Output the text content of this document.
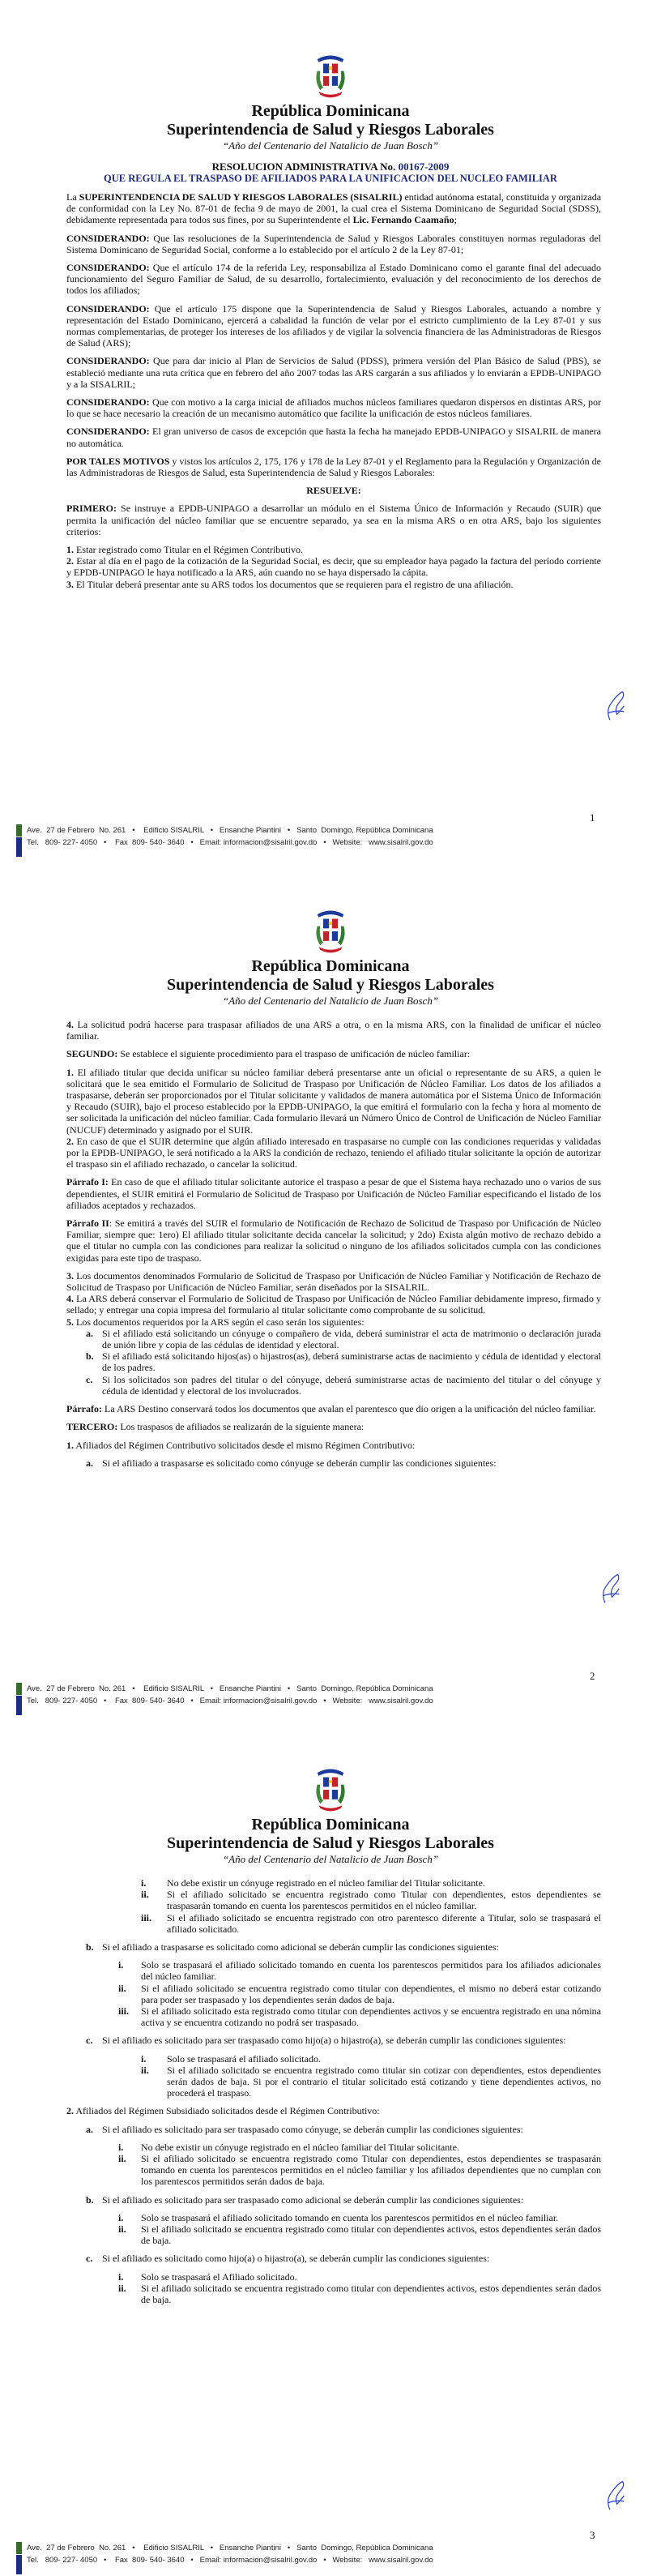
República Dominicana
Superintendencia de Salud y Riesgos Laborales
“Año del Centenario del Natalicio de Juan Bosch”
RESOLUCION ADMINISTRATIVA No. 00167-2009
QUE REGULA EL TRASPASO DE AFILIADOS PARA LA UNIFICACION DEL NUCLEO FAMILIAR

La SUPERINTENDENCIA DE SALUD Y RIESGOS LABORALES (SISALRIL) entidad autónoma estatal, constituida y organizada de conformidad con la Ley No. 87-01 de fecha 9 de mayo de 2001, la cual crea el Sistema Dominicano de Seguridad Social (SDSS), debidamente representada para todos sus fines, por su Superintendente el Lic. Fernando Caamaño;

CONSIDERANDO: Que las resoluciones de la Superintendencia de Salud y Riesgos Laborales constituyen normas reguladoras del Sistema Dominicano de Seguridad Social, conforme a lo establecido por el artículo 2 de la Ley 87-01;

CONSIDERANDO: Que el artículo 174 de la referida Ley, responsabiliza al Estado Dominicano como el garante final del adecuado funcionamiento del Seguro Familiar de Salud, de su desarrollo, fortalecimiento, evaluación y del reconocimiento de los derechos de todos los afiliados;

CONSIDERANDO: Que el artículo 175 dispone que la Superintendencia de Salud y Riesgos Laborales, actuando a nombre y representación del Estado Dominicano, ejercerá a cabalidad la función de velar por el estricto cumplimiento de la Ley 87-01 y sus normas complementarias, de proteger los intereses de los afiliados y de vigilar la solvencia financiera de las Administradoras de Riesgos de Salud (ARS);

CONSIDERANDO: Que para dar inicio al Plan de Servicios de Salud (PDSS), primera versión del Plan Básico de Salud (PBS), se estableció mediante una ruta crítica que en febrero del año 2007 todas las ARS cargarán a sus afiliados y lo enviarán a EPDB-UNIPAGO y a la SISALRIL;

CONSIDERANDO: Que con motivo a la carga inicial de afiliados muchos núcleos familiares quedaron dispersos en distintas ARS, por lo que se hace necesario la creación de un mecanismo automático que facilite la unificación de estos núcleos familiares.

CONSIDERANDO: El gran universo de casos de excepción que hasta la fecha ha manejado EPDB-UNIPAGO y SISALRIL de manera no automática.

POR TALES MOTIVOS y vistos los artículos 2, 175, 176 y 178 de la Ley 87-01 y el Reglamento para la Regulación y Organización de las Administradoras de Riesgos de Salud, esta Superintendencia de Salud y Riesgos Laborales:

RESUELVE:

PRIMERO: Se instruye a EPDB-UNIPAGO a desarrollar un módulo en el Sistema Único de Información y Recaudo (SUIR) que permita la unificación del núcleo familiar que se encuentre separado, ya sea en la misma ARS o en otra ARS, bajo los siguientes criterios:

1. Estar registrado como Titular en el Régimen Contributivo.

2. Estar al día en el pago de la cotización de la Seguridad Social, es decir, que su empleador haya pagado la factura del período corriente y EPDB-UNIPAGO le haya notificado a la ARS, aún cuando no se haya dispersado la cápita.

3. El Titular deberá presentar ante su ARS todos los documentos que se requieren para el registro de una afiliación.

1
Ave.  27 de Febrero  No. 261   •    Edificio SISALRIL   •   Ensanche Piantini   •   Santo  Domingo, República Dominicana
Tel.   809- 227- 4050   •    Fax  809- 540- 3640   •   Email: informacion@sisalril.gov.do   •   Website:   www.sisalril.gov.do
República Dominicana
Superintendencia de Salud y Riesgos Laborales
“Año del Centenario del Natalicio de Juan Bosch”

4. La solicitud podrá hacerse para traspasar afiliados de una ARS a otra, o en la misma ARS, con la finalidad de unificar el núcleo familiar.

SEGUNDO: Se establece el siguiente procedimiento para el traspaso de unificación de núcleo familiar:

1. El afiliado titular que decida unificar su núcleo familiar deberá presentarse ante un oficial o representante de su ARS, a quien le solicitará que le sea emitido el Formulario de Solicitud de Traspaso por Unificación de Núcleo Familiar. Los datos de los afiliados a traspasarse, deberán ser proporcionados por el Titular solicitante y validados de manera automática por el Sistema Único de Información y Recaudo (SUIR), bajo el proceso establecido por la EPDB-UNIPAGO, la que emitirá el formulario con la fecha y hora al momento de ser solicitada la unificación del núcleo familiar. Cada formulario llevará un Número Único de Control de Unificación de Núcleo Familiar (NUCUF) determinado y asignado por el SUIR.

2. En caso de que el SUIR determine que algún afiliado interesado en traspasarse no cumple con las condiciones requeridas y validadas por la EPDB-UNIPAGO, le será notificado a la ARS la condición de rechazo, teniendo el afiliado titular solicitante la opción de autorizar el traspaso sin el afiliado rechazado, o cancelar la solicitud.

Párrafo I: En caso de que el afiliado titular solicitante autorice el traspaso a pesar de que el Sistema haya rechazado uno o varios de sus dependientes, el SUIR emitirá el Formulario de Solicitud de Traspaso por Unificación de Núcleo Familiar especificando el listado de los afiliados aceptados y rechazados.

Párrafo II: Se emitirá a través del SUIR el formulario de Notificación de Rechazo de Solicitud de Traspaso por Unificación de Núcleo Familiar, siempre que: 1ero) El afiliado titular solicitante decida cancelar la solicitud; y 2do) Exista algún motivo de rechazo debido a que el titular no cumpla con las condiciones para realizar la solicitud o ninguno de los afiliados solicitados cumpla con las condiciones exigidas para este tipo de traspaso.

3. Los documentos denominados Formulario de Solicitud de Traspaso por Unificación de Núcleo Familiar y Notificación de Rechazo de Solicitud de Traspaso por Unificación de Núcleo Familiar, serán diseñados por la SISALRIL.

4. La ARS deberá conservar el Formulario de Solicitud de Traspaso por Unificación de Núcleo Familiar debidamente impreso, firmado y sellado; y entregar una copia impresa del formulario al titular solicitante como comprobante de su solicitud.

5. Los documentos requeridos por la ARS según el caso serán los siguientes:

a. Si el afiliado está solicitando un cónyuge o compañero de vida, deberá suministrar el acta de matrimonio o declaración jurada de unión libre y copia de las cédulas de identidad y electoral.
b. Si el afiliado está solicitando hijos(as) o hijastros(as), deberá suministrarse actas de nacimiento y cédula de identidad y electoral de los padres.
c. Si los solicitados son padres del titular o del cónyuge, deberá suministrarse actas de nacimiento del titular o del cónyuge y cédula de identidad y electoral de los involucrados.

Párrafo: La ARS Destino conservará todos los documentos que avalan el parentesco que dio origen a la unificación del núcleo familiar.

TERCERO: Los traspasos de afiliados se realizarán de la siguiente manera:

1. Afiliados del Régimen Contributivo solicitados desde el mismo Régimen Contributivo:

a. Si el afiliado a traspasarse es solicitado como cónyuge se deberán cumplir las condiciones siguientes:
2
Ave.  27 de Febrero  No. 261   •    Edificio SISALRIL   •   Ensanche Piantini   •   Santo  Domingo, República Dominicana
Tel.   809- 227- 4050   •    Fax  809- 540- 3640   •   Email: informacion@sisalril.gov.do   •   Website:   www.sisalril.gov.do
República Dominicana
Superintendencia de Salud y Riesgos Laborales
“Año del Centenario del Natalicio de Juan Bosch”
i.	No debe existir un cónyuge registrado en el núcleo familiar del Titular solicitante.
ii.	Si el afiliado solicitado se encuentra registrado como Titular con dependientes, estos dependientes se traspasarán tomando en cuenta los parentescos permitidos en el núcleo familiar.
iii.	Si el afiliado solicitado se encuentra registrado con otro parentesco diferente a Titular, solo se traspasará el afiliado solicitado.
b. Si el afiliado a traspasarse es solicitado como adicional se deberán cumplir las condiciones siguientes:
i.	Solo se traspasará el afiliado solicitado tomando en cuenta los parentescos permitidos para los afiliados adicionales del núcleo familiar.
ii.	Si el afiliado solicitado se encuentra registrado como titular con dependientes, el mismo no deberá estar cotizando para poder ser traspasado y los dependientes serán dados de baja.
iii.	Si el afiliado solicitado esta registrado como titular con dependientes activos y se encuentra registrado en una nómina activa y se encuentra cotizando no podrá ser traspasado.
c. Si el afiliado es solicitado para ser traspasado como hijo(a) o hijastro(a), se deberán cumplir las condiciones siguientes:
i.	Solo se traspasará el afiliado solicitado.
ii.	Si el afiliado solicitado se encuentra registrado como titular sin cotizar con dependientes, estos dependientes serán dados de baja. Si por el contrario el titular solicitado está cotizando y tiene dependientes activos, no procederá el traspaso.

2. Afiliados del Régimen Subsidiado solicitados desde el Régimen Contributivo:

a. Si el afiliado es solicitado para ser traspasado como cónyuge, se deberán cumplir las condiciones siguientes:
i.	No debe existir un cónyuge registrado en el núcleo familiar del Titular solicitante.
ii.	Si el afiliado solicitado se encuentra registrado como Titular con dependientes, estos dependientes se traspasarán tomando en cuenta los parentescos permitidos en el núcleo familiar y los afiliados dependientes que no cumplan con los parentescos permitidos serán dados de baja.
b. Si el afiliado es solicitado para ser traspasado como adicional se deberán cumplir las condiciones siguientes:
i.	Solo se traspasará el afiliado solicitado tomando en cuenta los parentescos permitidos en el núcleo familiar.
ii.	Si el afiliado solicitado se encuentra registrado como titular con dependientes activos, estos dependientes serán dados de baja.
c. Si el afiliado es solicitado como hijo(a) o hijastro(a), se deberán cumplir las condiciones siguientes:
i.	Solo se traspasará el Afiliado solicitado.
ii.	Si el afiliado solicitado se encuentra registrado como titular con dependientes activos, estos dependientes serán dados de baja.
3
Ave.  27 de Febrero  No. 261   •    Edificio SISALRIL   •   Ensanche Piantini   •   Santo  Domingo, República Dominicana
Tel.   809- 227- 4050   •    Fax  809- 540- 3640   •   Email: informacion@sisalril.gov.do   •   Website:   www.sisalril.gov.do
